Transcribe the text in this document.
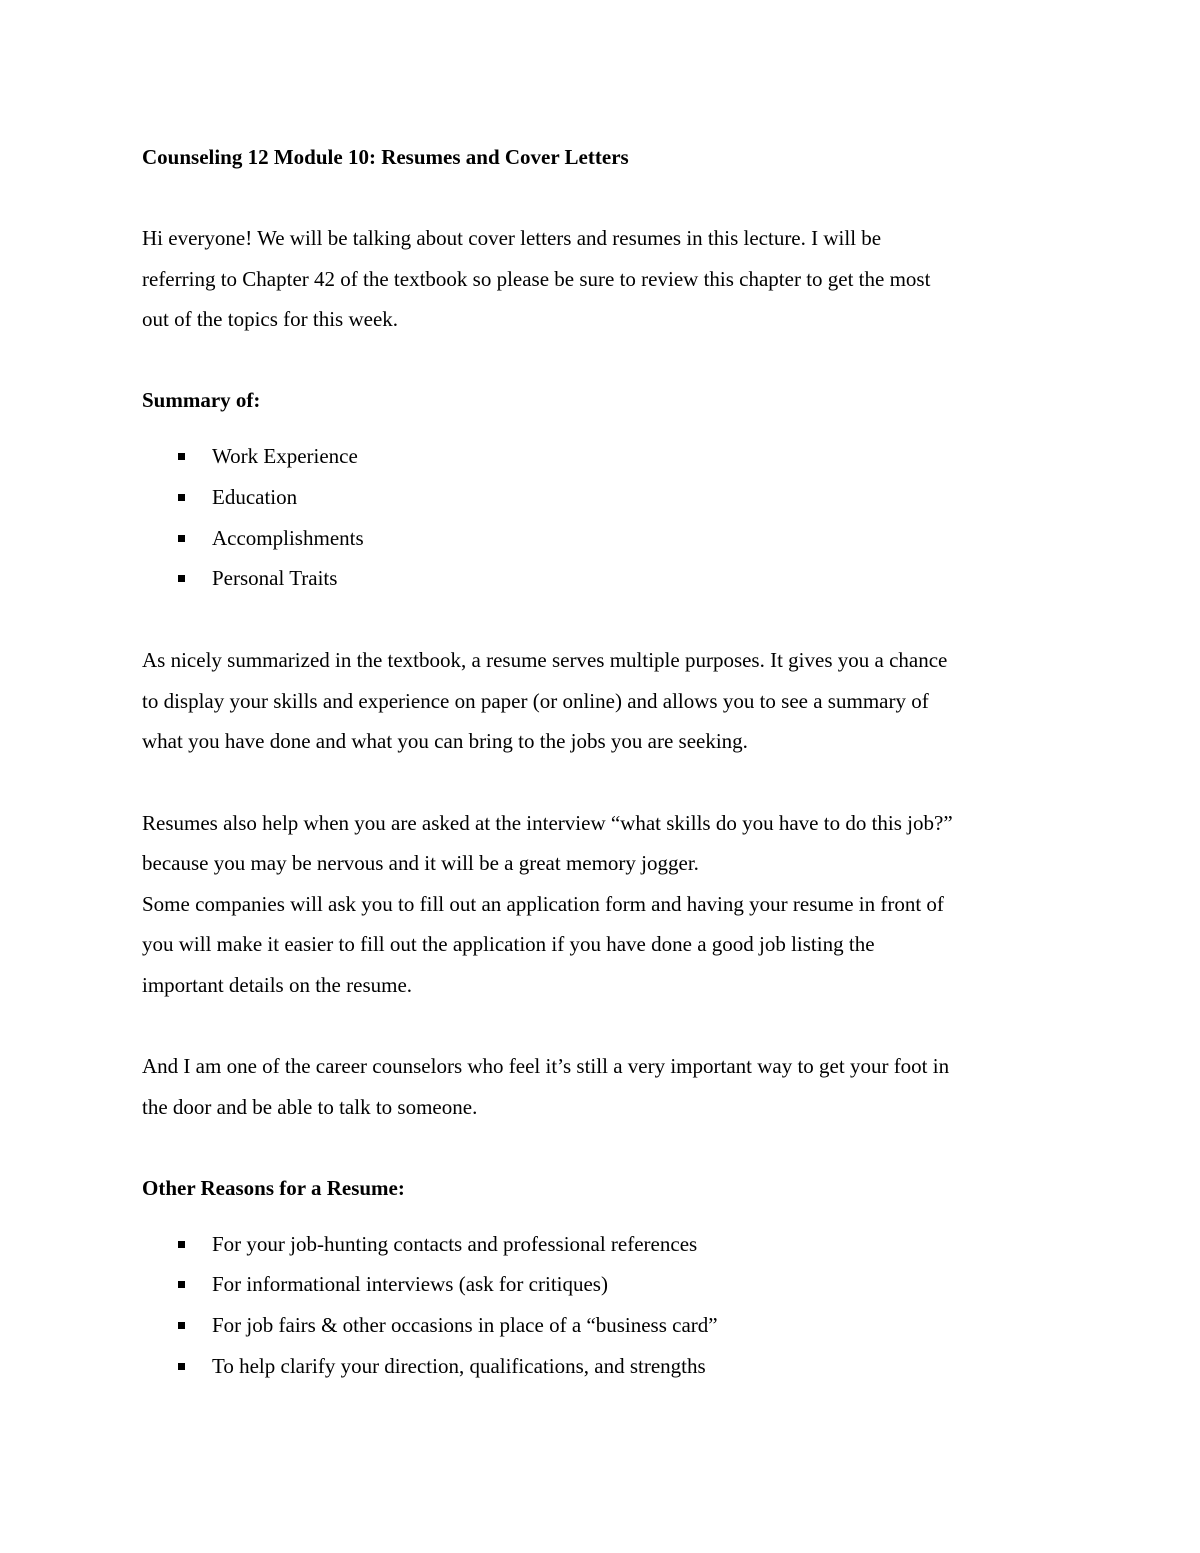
Counseling 12 Module 10: Resumes and Cover Letters

Hi everyone! We will be talking about cover letters and resumes in this lecture. I will be

referring to Chapter 42 of the textbook so please be sure to review this chapter to get the most

out of the topics for this week.

Summary of:

Work Experience
Education
Accomplishments
Personal Traits

As nicely summarized in the textbook, a resume serves multiple purposes. It gives you a chance

to display your skills and experience on paper (or online) and allows you to see a summary of

what you have done and what you can bring to the jobs you are seeking.

Resumes also help when you are asked at the interview “what skills do you have to do this job?”

because you may be nervous and it will be a great memory jogger.

Some companies will ask you to fill out an application form and having your resume in front of

you will make it easier to fill out the application if you have done a good job listing the

important details on the resume.

And I am one of the career counselors who feel it’s still a very important way to get your foot in

the door and be able to talk to someone.

Other Reasons for a Resume:

For your job-hunting contacts and professional references
For informational interviews (ask for critiques)
For job fairs & other occasions in place of a “business card”
To help clarify your direction, qualifications, and strengths
